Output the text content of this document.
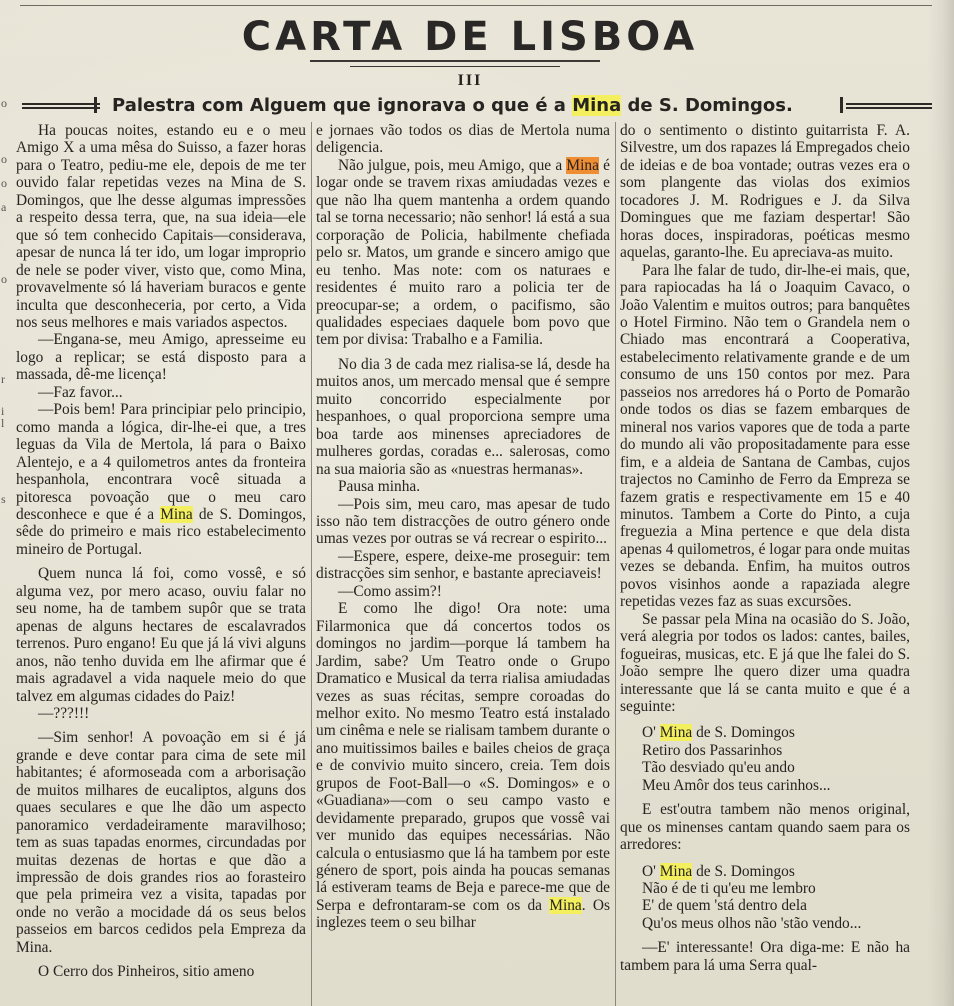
o
o
o
a
o
r
i
l
s
CARTA DE LISBOA
III
Palestra com Alguem que ignorava o que é a Mina de S. Domingos.

Ha poucas noites, estando eu e o meu Amigo X a uma mêsa do Suisso, a fazer horas para o Teatro, pediu-me ele, depois de me ter ouvido falar repetidas vezes na Mina de S. Domingos, que lhe desse algumas impressões a respeito dessa terra, que, na sua ideia—ele que só tem conhecido Capitais—considerava, apesar de nunca lá ter ido, um logar improprio de nele se poder viver, visto que, como Mina, provavelmente só lá haveriam buracos e gente inculta que desconheceria, por certo, a Vida nos seus melhores e mais variados aspectos.

—Engana-se, meu Amigo, apresseime eu logo a replicar; se está disposto para a massada, dê-me licença!

—Faz favor...

—Pois bem! Para principiar pelo principio, como manda a lógica, dir-lhe-ei que, a tres leguas da Vila de Mertola, lá para o Baixo Alentejo, e a 4 quilometros antes da fronteira hespanhola, encontrara você situada a pitoresca povoação que o meu caro desconhece e que é a Mina de S. Domingos, sêde do primeiro e mais rico estabelecimento mineiro de Portugal.

Quem nunca lá foi, como vossê, e só alguma vez, por mero acaso, ouviu falar no seu nome, ha de tambem supôr que se trata apenas de alguns hectares de escalavrados terrenos. Puro engano! Eu que já lá vivi alguns anos, não tenho duvida em lhe afirmar que é mais agradavel a vida naquele meio do que talvez em algumas cidades do Paiz!

—???!!!

—Sim senhor! A povoação em si é já grande e deve contar para cima de sete mil habitantes; é aformoseada com a arborisação de muitos milhares de eucaliptos, alguns dos quaes seculares e que lhe dão um aspecto panoramico verdadeiramente maravilhoso; tem as suas tapadas enormes, circundadas por muitas dezenas de hortas e que dão a impressão de dois grandes rios ao forasteiro que pela primeira vez a visita, tapadas por onde no verão a mocidade dá os seus belos passeios em barcos cedidos pela Empreza da Mina.

O Cerro dos Pinheiros, sitio ameno

e jornaes vão todos os dias de Mertola numa deligencia.

Não julgue, pois, meu Amigo, que a Mina é logar onde se travem rixas amiudadas vezes e que não lha quem mantenha a ordem quando tal se torna necessario; não senhor! lá está a sua corporação de Policia, habilmente chefiada pelo sr. Matos, um grande e sincero amigo que eu tenho. Mas note: com os naturaes e residentes é muito raro a policia ter de preocupar-se; a ordem, o pacifismo, são qualidades especiaes daquele bom povo que tem por divisa: Trabalho e a Familia.

No dia 3 de cada mez rialisa-se lá, desde ha muitos anos, um mercado mensal que é sempre muito concorrido especialmente por hespanhoes, o qual proporciona sempre uma boa tarde aos minenses apreciadores de mulheres gordas, coradas e... salerosas, como na sua maioria são as «nuestras hermanas».

Pausa minha.

—Pois sim, meu caro, mas apesar de tudo isso não tem distracções de outro género onde umas vezes por outras se vá recrear o espirito...

—Espere, espere, deixe-me proseguir: tem distracções sim senhor, e bastante apreciaveis!

—Como assim?!

E como lhe digo! Ora note: uma Filarmonica que dá concertos todos os domingos no jardim—porque lá tambem ha Jardim, sabe? Um Teatro onde o Grupo Dramatico e Musical da terra rialisa amiudadas vezes as suas récitas, sempre coroadas do melhor exito. No mesmo Teatro está instalado um cinêma e nele se rialisam tambem durante o ano muitissimos bailes e bailes cheios de graça e de convivio muito sincero, creia. Tem dois grupos de Foot-Ball—o «S. Domingos» e o «Guadiana»—com o seu campo vasto e devidamente preparado, grupos que vossê vai ver munido das equipes necessárias. Não calcula o entusiasmo que lá ha tambem por este género de sport, pois ainda ha poucas semanas lá estiveram teams de Beja e parece-me que de Serpa e defrontaram-se com os da Mina. Os inglezes teem o seu bilhar

do o sentimento o distinto guitarrista F. A. Silvestre, um dos rapazes lá Empregados cheio de ideias e de boa vontade; outras vezes era o som plangente das violas dos eximios tocadores J. M. Rodrigues e J. da Silva Domingues que me faziam despertar! São horas doces, inspiradoras, poéticas mesmo aquelas, garanto-lhe. Eu apreciava-as muito.

Para lhe falar de tudo, dir-lhe-ei mais, que, para rapiocadas ha lá o Joaquim Cavaco, o João Valentim e muitos outros; para banquêtes o Hotel Firmino. Não tem o Grandela nem o Chiado mas encontrará a Cooperativa, estabelecimento relativamente grande e de um consumo de uns 150 contos por mez. Para passeios nos arredores há o Porto de Pomarão onde todos os dias se fazem embarques de mineral nos varios vapores que de toda a parte do mundo ali vão propositadamente para esse fim, e a aldeia de Santana de Cambas, cujos trajectos no Caminho de Ferro da Empreza se fazem gratis e respectivamente em 15 e 40 minutos. Tambem a Corte do Pinto, a cuja freguezia a Mina pertence e que dela dista apenas 4 quilometros, é logar para onde muitas vezes se debanda. Enfim, ha muitos outros povos visinhos aonde a rapaziada alegre repetidas vezes faz as suas excursões.

Se passar pela Mina na ocasião do S. João, verá alegria por todos os lados: cantes, bailes, fogueiras, musicas, etc. E já que lhe falei do S. João sempre lhe quero dizer uma quadra interessante que lá se canta muito e que é a seguinte:

O' Mina de S. Domingos
Retiro dos Passarinhos
Tão desviado qu'eu ando
Meu Amôr dos teus carinhos...

E est'outra tambem não menos original, que os minenses cantam quando saem para os arredores:

O' Mina de S. Domingos
Não é de ti qu'eu me lembro
E' de quem 'stá dentro dela
Qu'os meus olhos não 'stão vendo...

—E' interessante! Ora diga-me: E não ha tambem para lá uma Serra qual-
